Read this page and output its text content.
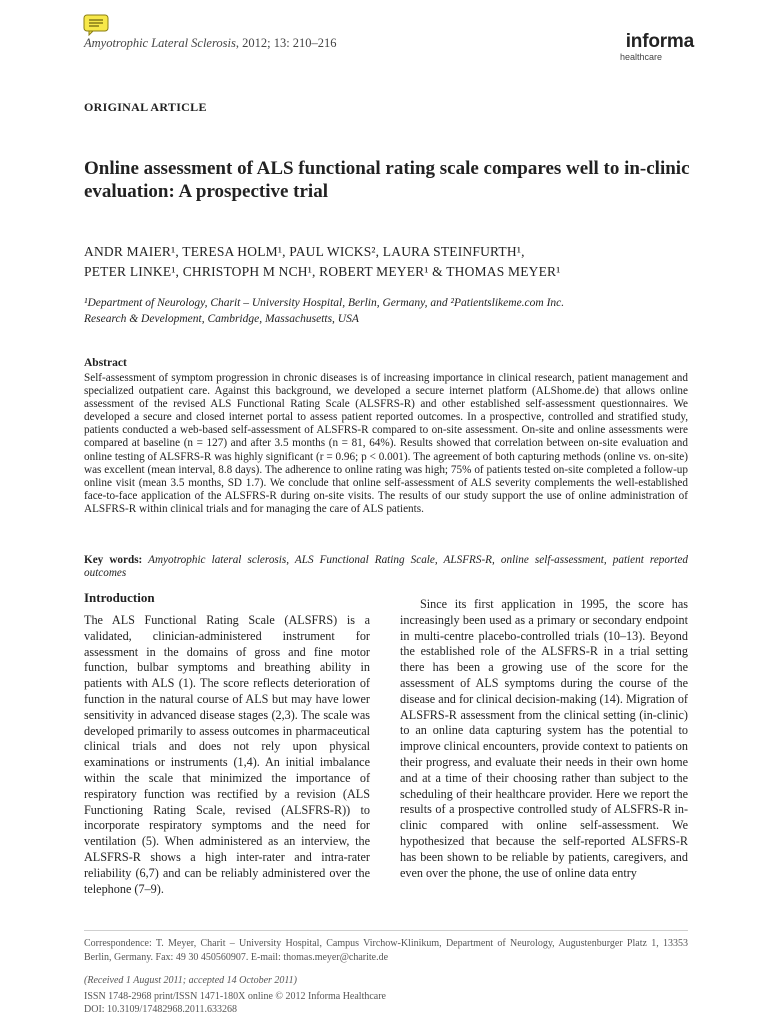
Amyotrophic Lateral Sclerosis, 2012; 13: 210–216	informa
healthcare
ORIGINAL ARTICLE
Online assessment of ALS functional rating scale compares well to in-clinic evaluation: A prospective trial
ANDR MAIER¹, TERESA HOLM¹, PAUL WICKS², LAURA STEINFURTH¹,
PETER LINKE¹, CHRISTOPH M NCH¹, ROBERT MEYER¹ & THOMAS MEYER¹
¹Department of Neurology, Charit – University Hospital, Berlin, Germany, and ²Patientslikeme.com Inc.
Research & Development, Cambridge, Massachusetts, USA
Abstract
Self-assessment of symptom progression in chronic diseases is of increasing importance in clinical research, patient management and specialized outpatient care. Against this background, we developed a secure internet platform (ALShome.de) that allows online assessment of the revised ALS Functional Rating Scale (ALSFRS-R) and other established self-assessment questionnaires. We developed a secure and closed internet portal to assess patient reported outcomes. In a prospective, controlled and stratified study, patients conducted a web-based self-assessment of ALSFRS-R compared to on-site assessment. On-site and online assessments were compared at baseline (n = 127) and after 3.5 months (n = 81, 64%). Results showed that correlation between on-site evaluation and online testing of ALSFRS-R was highly significant (r = 0.96; p < 0.001). The agreement of both capturing methods (online vs. on-site) was excellent (mean interval, 8.8 days). The adherence to online rating was high; 75% of patients tested on-site completed a follow-up online visit (mean 3.5 months, SD 1.7). We conclude that online self-assessment of ALS severity complements the well-established face-to-face application of the ALSFRS-R during on-site visits. The results of our study support the use of online administration of ALSFRS-R within clinical trials and for managing the care of ALS patients.
Key words: Amyotrophic lateral sclerosis, ALS Functional Rating Scale, ALSFRS-R, online self-assessment, patient reported outcomes
Introduction

The ALS Functional Rating Scale (ALSFRS) is a validated, clinician-administered instrument for assessment in the domains of gross and fine motor function, bulbar symptoms and breathing ability in patients with ALS (1). The score reflects deterioration of function in the natural course of ALS but may have lower sensitivity in advanced disease stages (2,3). The scale was developed primarily to assess outcomes in pharmaceutical clinical trials and does not rely upon physical examinations or instruments (1,4). An initial imbalance within the scale that minimized the importance of respiratory function was rectified by a revision (ALS Functioning Rating Scale, revised (ALSFRS-R)) to incorporate respiratory symptoms and the need for ventilation (5). When administered as an interview, the ALSFRS-R shows a high inter-rater and intra-rater reliability (6,7) and can be reliably administered over the telephone (7–9).

Since its first application in 1995, the score has increasingly been used as a primary or secondary endpoint in multi-centre placebo-controlled trials (10–13). Beyond the established role of the ALSFRS-R in a trial setting there has been a growing use of the score for the assessment of ALS symptoms during the course of the disease and for clinical decision-making (14). Migration of ALSFRS-R assessment from the clinical setting (in-clinic) to an online data capturing system has the potential to improve clinical encounters, provide context to patients on their progress, and evaluate their needs in their own home and at a time of their choosing rather than subject to the scheduling of their healthcare provider. Here we report the results of a prospective controlled study of ALSFRS-R in-clinic compared with online self-assessment. We hypothesized that because the self-reported ALSFRS-R has been shown to be reliable by patients, caregivers, and even over the phone, the use of online data entry

Correspondence: T. Meyer, Charit – University Hospital, Campus Virchow-Klinikum, Department of Neurology, Augustenburger Platz 1, 13353 Berlin, Germany. Fax: 49 30 450560907. E-mail: thomas.meyer@charite.de
(Received 1 August 2011; accepted 14 October 2011)
ISSN 1748-2968 print/ISSN 1471-180X online © 2012 Informa Healthcare
DOI: 10.3109/17482968.2011.633268
